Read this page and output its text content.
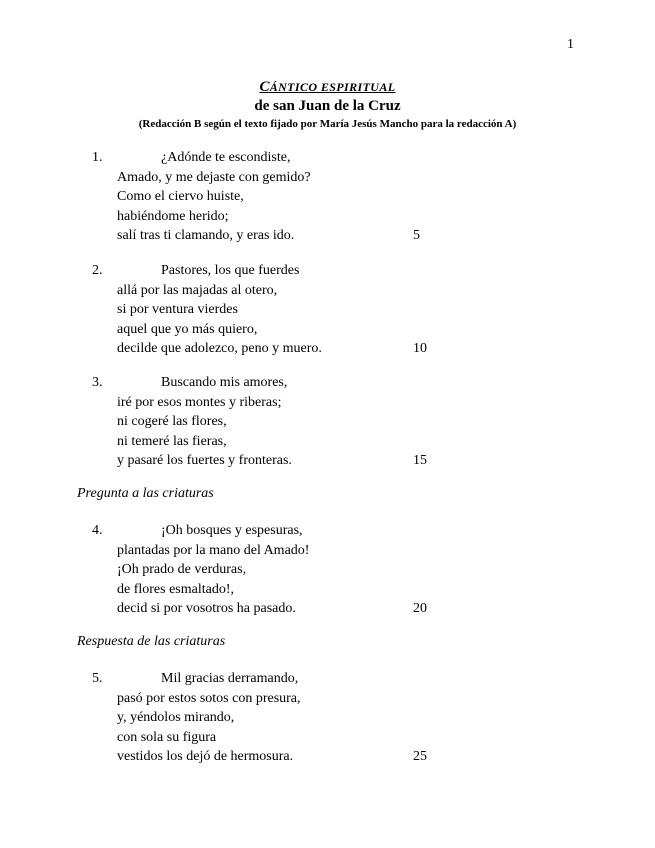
1
CÁNTICO ESPIRITUAL
de san Juan de la Cruz
(Redacción B según el texto fijado por María Jesús Mancho para la redacción A)
1.	¿Adónde te escondiste,
Amado, y me dejaste con gemido?
Como el ciervo huiste,
habiéndome herido;
salí tras ti clamando, y eras ido.	5
2.	Pastores, los que fuerdes
allá por las majadas al otero,
si por ventura vierdes
aquel que yo más quiero,
decilde que adolezco, peno y muero.	10
3.	Buscando mis amores,
iré por esos montes y riberas;
ni cogeré las flores,
ni temeré las fieras,
y pasaré los fuertes y fronteras.	15
Pregunta a las criaturas
4.	¡Oh bosques y espesuras,
plantadas por la mano del Amado!
¡Oh prado de verduras,
de flores esmaltado!,
decid si por vosotros ha pasado.	20
Respuesta de las criaturas
5.	Mil gracias derramando,
pasó por estos sotos con presura,
y, yéndolos mirando,
con sola su figura
vestidos los dejó de hermosura.	25
